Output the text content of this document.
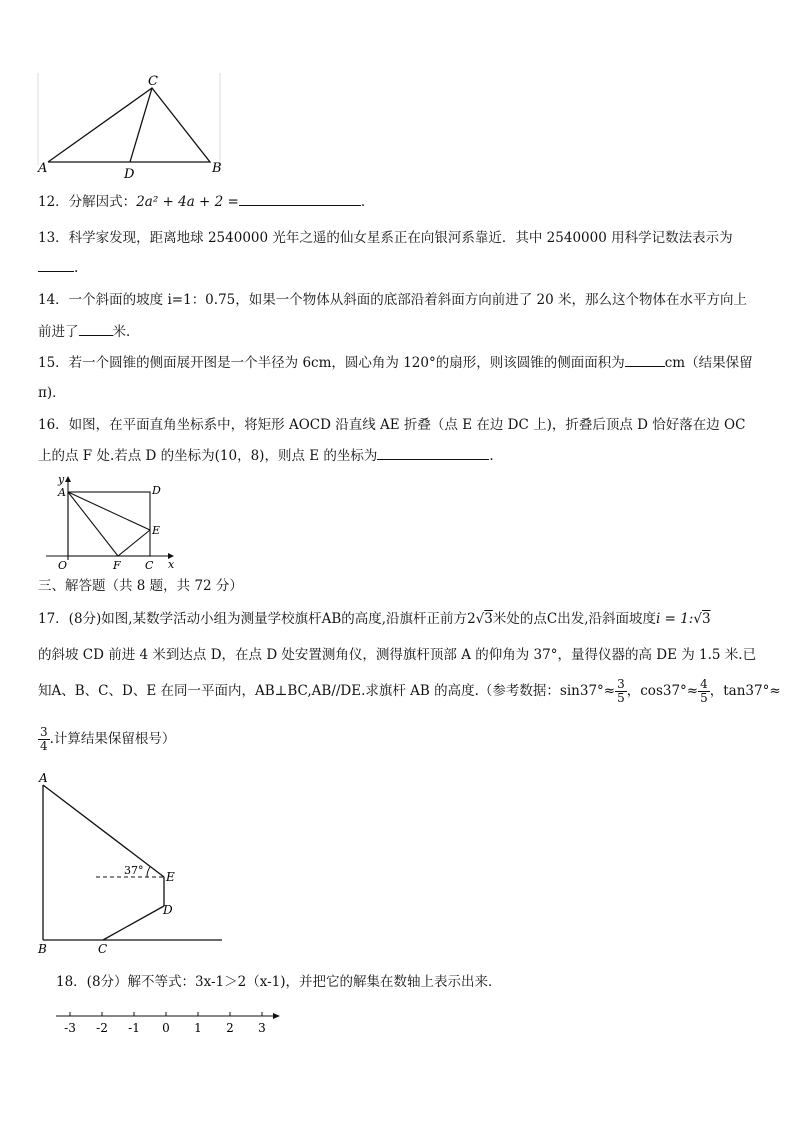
A	B
C
D
12．分解因式：2a² + 4a + 2 =	.
13．科学家发现，距离地球 2540000 光年之遥的仙女星系正在向银河系靠近．其中 2540000 用科学记数法表示为
.
14．一个斜面的坡度 i=1：0.75，如果一个物体从斜面的底部沿着斜面方向前进了 20 米，那么这个物体在水平方向上
前进了	米．
15．若一个圆锥的侧面展开图是一个半径为 6cm，圆心角为 120°的扇形，则该圆锥的侧面面积为	cm（结果保留
π)．
16．如图，在平面直角坐标系中，将矩形 AOCD 沿直线 AE 折叠（点 E 在边 DC 上)，折叠后顶点 D 恰好落在边 OC
上的点 F 处.若点 D 的坐标为(10，8)，则点 E 的坐标为	.
y
x
A	D
E
O	F C
三、解答题（共 8 题，共 72 分）
17．(8分)如图,某数学活动小组为测量学校旗杆AB的高度,沿旗杆正前方2√3米处的点C出发,沿斜面坡度i = 1:√3
的斜坡 CD 前进 4 米到达点 D，在点 D 处安置测角仪，测得旗杆顶部 A 的仰角为 37°，量得仪器的高 DE 为 1.5 米.已
知A、B、C、D、E 在同一平面内，AB⊥BC,AB//DE.求旗杆 AB 的高度.（参考数据：$\sin 37^\circ\approx \frac{3}{5}$ ，$\cos 37^\circ\approx \frac{4}{5}$ ，tan37°≈
$\frac{3}{4}$ .计算结果保留根号）
A
B	C
D
E
37°
18．(8分）解不等式：3x-1＞2（x-1)，并把它的解集在数轴上表示出来．
-3 -2 -1 0 1 2 3
